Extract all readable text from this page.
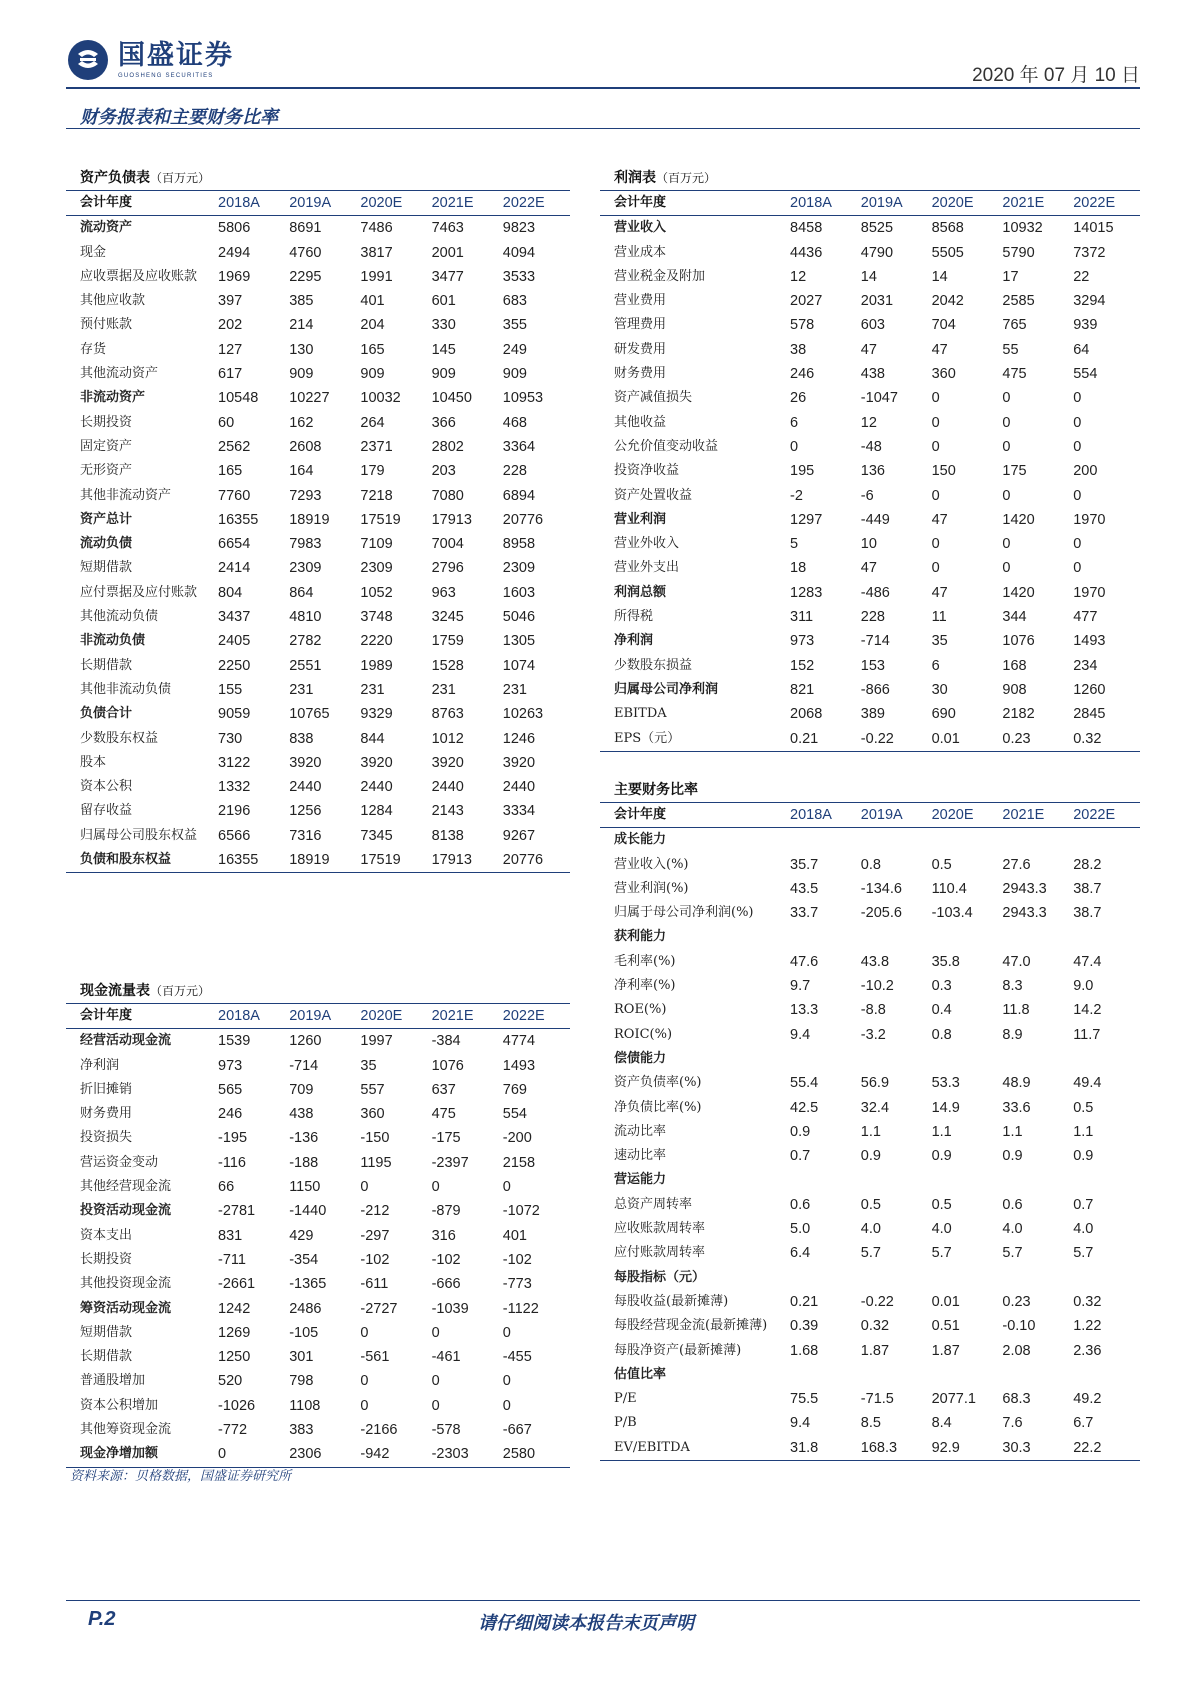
国盛证券
GUOSHENG SECURITIES	2020 年 07 月 10 日
财务报表和主要财务比率
资产负债表（百万元）
会计年度	2018A	2019A	2020E	2021E	2022E
流动资产	5806	8691	7486	7463	9823
现金	2494	4760	3817	2001	4094
应收票据及应收账款	1969	2295	1991	3477	3533
其他应收款	397	385	401	601	683
预付账款	202	214	204	330	355
存货	127	130	165	145	249
其他流动资产	617	909	909	909	909
非流动资产	10548	10227	10032	10450	10953
长期投资	60	162	264	366	468
固定资产	2562	2608	2371	2802	3364
无形资产	165	164	179	203	228
其他非流动资产	7760	7293	7218	7080	6894
资产总计	16355	18919	17519	17913	20776
流动负债	6654	7983	7109	7004	8958
短期借款	2414	2309	2309	2796	2309
应付票据及应付账款	804	864	1052	963	1603
其他流动负债	3437	4810	3748	3245	5046
非流动负债	2405	2782	2220	1759	1305
长期借款	2250	2551	1989	1528	1074
其他非流动负债	155	231	231	231	231
负债合计	9059	10765	9329	8763	10263
少数股东权益	730	838	844	1012	1246
股本	3122	3920	3920	3920	3920
资本公积	1332	2440	2440	2440	2440
留存收益	2196	1256	1284	2143	3334
归属母公司股东权益	6566	7316	7345	8138	9267
负债和股东权益	16355	18919	17519	17913	20776
现金流量表（百万元）
会计年度	2018A	2019A	2020E	2021E	2022E
经营活动现金流	1539	1260	1997	-384	4774
净利润	973	-714	35	1076	1493
折旧摊销	565	709	557	637	769
财务费用	246	438	360	475	554
投资损失	-195	-136	-150	-175	-200
营运资金变动	-116	-188	1195	-2397	2158
其他经营现金流	66	1150	0	0	0
投资活动现金流	-2781	-1440	-212	-879	-1072
资本支出	831	429	-297	316	401
长期投资	-711	-354	-102	-102	-102
其他投资现金流	-2661	-1365	-611	-666	-773
筹资活动现金流	1242	2486	-2727	-1039	-1122
短期借款	1269	-105	0	0	0
长期借款	1250	301	-561	-461	-455
普通股增加	520	798	0	0	0
资本公积增加	-1026	1108	0	0	0
其他筹资现金流	-772	383	-2166	-578	-667
现金净增加额	0	2306	-942	-2303	2580
利润表（百万元）
会计年度	2018A	2019A	2020E	2021E	2022E
营业收入	8458	8525	8568	10932	14015
营业成本	4436	4790	5505	5790	7372
营业税金及附加	12	14	14	17	22
营业费用	2027	2031	2042	2585	3294
管理费用	578	603	704	765	939
研发费用	38	47	47	55	64
财务费用	246	438	360	475	554
资产减值损失	26	-1047	0	0	0
其他收益	6	12	0	0	0
公允价值变动收益	0	-48	0	0	0
投资净收益	195	136	150	175	200
资产处置收益	-2	-6	0	0	0
营业利润	1297	-449	47	1420	1970
营业外收入	5	10	0	0	0
营业外支出	18	47	0	0	0
利润总额	1283	-486	47	1420	1970
所得税	311	228	11	344	477
净利润	973	-714	35	1076	1493
少数股东损益	152	153	6	168	234
归属母公司净利润	821	-866	30	908	1260
EBITDA	2068	389	690	2182	2845
EPS（元）	0.21	-0.22	0.01	0.23	0.32
主要财务比率
会计年度	2018A	2019A	2020E	2021E	2022E
成长能力					
营业收入(%)	35.7	0.8	0.5	27.6	28.2
营业利润(%)	43.5	-134.6	110.4	2943.3	38.7
归属于母公司净利润(%)	33.7	-205.6	-103.4	2943.3	38.7
获利能力					
毛利率(%)	47.6	43.8	35.8	47.0	47.4
净利率(%)	9.7	-10.2	0.3	8.3	9.0
ROE(%)	13.3	-8.8	0.4	11.8	14.2
ROIC(%)	9.4	-3.2	0.8	8.9	11.7
偿债能力					
资产负债率(%)	55.4	56.9	53.3	48.9	49.4
净负债比率(%)	42.5	32.4	14.9	33.6	0.5
流动比率	0.9	1.1	1.1	1.1	1.1
速动比率	0.7	0.9	0.9	0.9	0.9
营运能力					
总资产周转率	0.6	0.5	0.5	0.6	0.7
应收账款周转率	5.0	4.0	4.0	4.0	4.0
应付账款周转率	6.4	5.7	5.7	5.7	5.7
每股指标（元）					
每股收益(最新摊薄)	0.21	-0.22	0.01	0.23	0.32
每股经营现金流(最新摊薄)	0.39	0.32	0.51	-0.10	1.22
每股净资产(最新摊薄)	1.68	1.87	1.87	2.08	2.36
估值比率					
P/E	75.5	-71.5	2077.1	68.3	49.2
P/B	9.4	8.5	8.4	7.6	6.7
EV/EBITDA	31.8	168.3	92.9	30.3	22.2
资料来源：贝格数据，国盛证券研究所
P.2	请仔细阅读本报告末页声明
